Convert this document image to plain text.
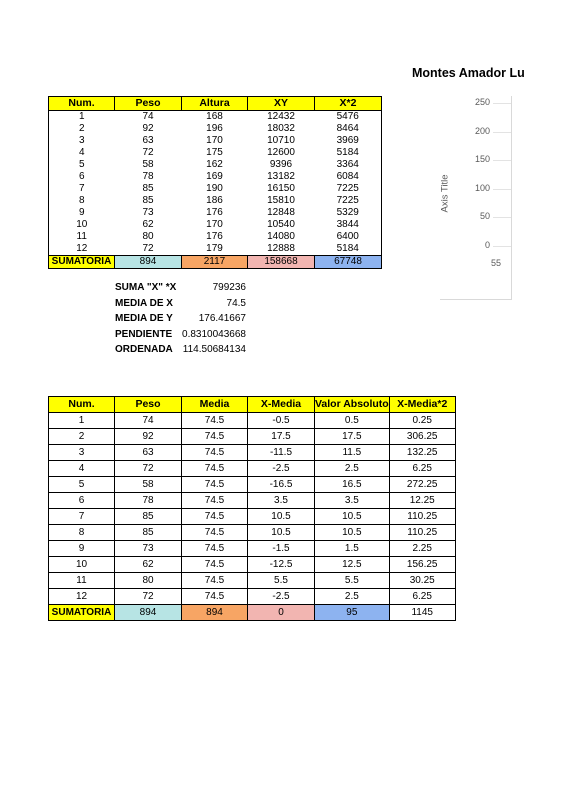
Montes Amador Lu
Num.	Peso	Altura	XY	X*2
1	74	168	12432	5476
2	92	196	18032	8464
3	63	170	10710	3969
4	72	175	12600	5184
5	58	162	9396	3364
6	78	169	13182	6084
7	85	190	16150	7225
8	85	186	15810	7225
9	73	176	12848	5329
10	62	170	10540	3844
11	80	176	14080	6400
12	72	179	12888	5184
SUMATORIA	894	2117	158668	67748
SUMA "X" *X	799236
MEDIA DE X	74.5
MEDIA DE Y	176.41667
PENDIENTE 0.8310043668
ORDENADA	114.50684134
Num.	Peso	Media	X-Media	Valor Absoluto	X-Media*2
1	74	74.5	-0.5	0.5	0.25
2	92	74.5	17.5	17.5	306.25
3	63	74.5	-11.5	11.5	132.25
4	72	74.5	-2.5	2.5	6.25
5	58	74.5	-16.5	16.5	272.25
6	78	74.5	3.5	3.5	12.25
7	85	74.5	10.5	10.5	110.25
8	85	74.5	10.5	10.5	110.25
9	73	74.5	-1.5	1.5	2.25
10	62	74.5	-12.5	12.5	156.25
11	80	74.5	5.5	5.5	30.25
12	72	74.5	-2.5	2.5	6.25
SUMATORIA	894	894	0	95	1145
Axis Title
250
200
150
100
50
0
55
